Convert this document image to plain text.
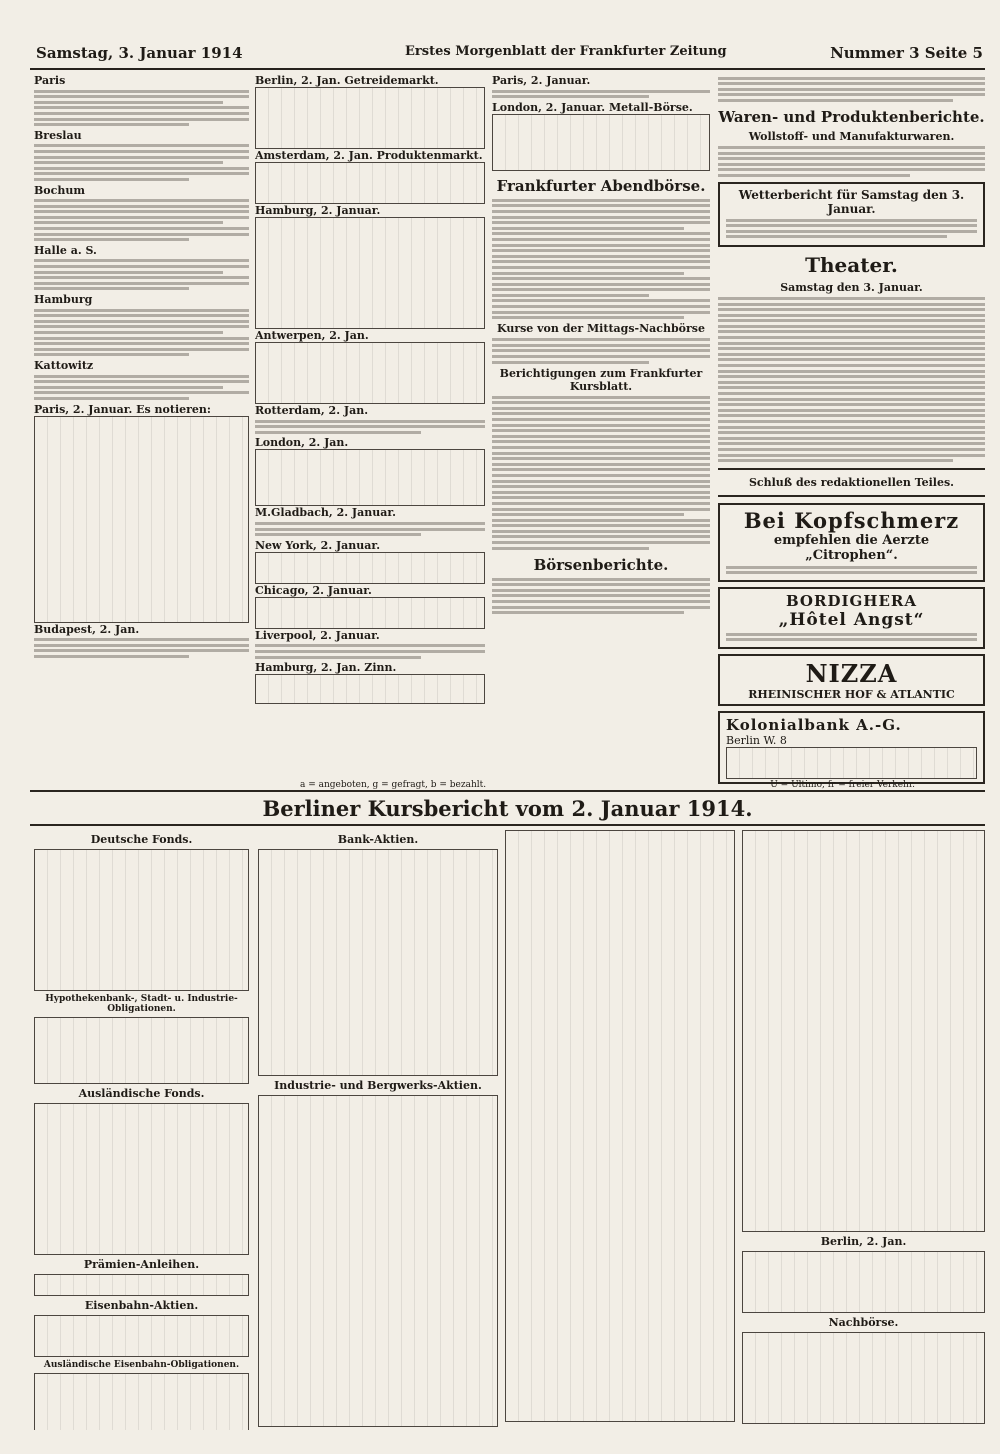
Samstag, 3. Januar 1914	Erstes Morgenblatt der Frankfurter Zeitung	Nummer 3 Seite 5
Paris
Breslau
Bochum
Halle a. S.
Hamburg
Kattowitz
Paris, 2. Januar. Es notieren:
Budapest, 2. Jan.
Berlin, 2. Jan. Getreidemarkt.
Amsterdam, 2. Jan. Produktenmarkt.
Hamburg, 2. Januar.
Antwerpen, 2. Jan.
Rotterdam, 2. Jan.
London, 2. Jan.
M.Gladbach, 2. Januar.
New York, 2. Januar.
Chicago, 2. Januar.
Liverpool, 2. Januar.
Hamburg, 2. Jan. Zinn.
Paris, 2. Januar.
London, 2. Januar. Metall-Börse.
Frankfurter Abendbörse.
Kurse von der Mittags-Nachbörse
Berichtigungen zum Frankfurter Kursblatt.
Börsenberichte.
Waren- und Produktenberichte.
Wollstoff- und Manufakturwaren.
Wetterbericht für Samstag den 3. Januar.
Theater.
Samstag den 3. Januar.
Schluß des redaktionellen Teiles.
Bei Kopfschmerz
empfehlen die Aerzte „Citrophen“.
BORDIGHERA
„Hôtel Angst“
NIZZA
RHEINISCHER HOF & ATLANTIC
Kolonialbank A.-G.
Berlin W. 8
a = angeboten, g = gefragt, b = bezahlt.	U = Ultimo, fr = freier Verkehr.
Berliner Kursbericht vom 2. Januar 1914.
Deutsche Fonds.
Hypothekenbank-, Stadt- u. Industrie-Obligationen.
Ausländische Fonds.
Prämien-Anleihen.
Eisenbahn-Aktien.
Ausländische Eisenbahn-Obligationen.
Bank-Aktien.
Industrie- und Bergwerks-Aktien.
Berlin, 2. Jan.
Nachbörse.
